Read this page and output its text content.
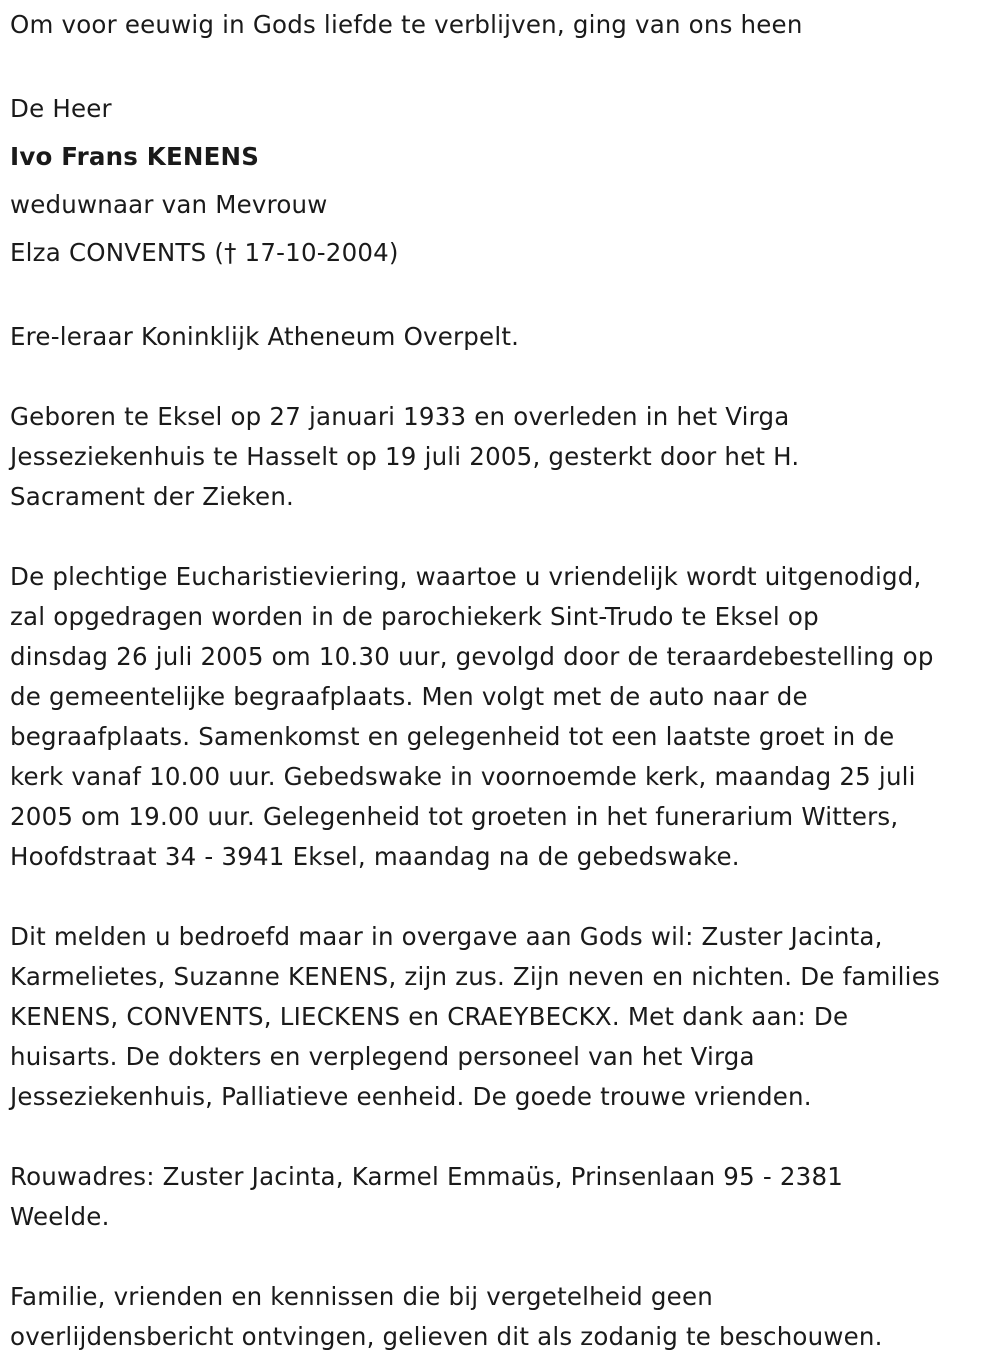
Om voor eeuwig in Gods liefde te verblijven, ging van ons heen
De Heer
Ivo Frans KENENS
weduwnaar van Mevrouw
Elza CONVENTS († 17-10-2004)

Ere-leraar Koninklijk Atheneum Overpelt.

Geboren te Eksel op 27 januari 1933 en overleden in het Virga
Jesseziekenhuis te Hasselt op 19 juli 2005, gesterkt door het H.
Sacrament der Zieken.

De plechtige Eucharistieviering, waartoe u vriendelijk wordt uitgenodigd,
zal opgedragen worden in de parochiekerk Sint-Trudo te Eksel op
dinsdag 26 juli 2005 om 10.30 uur, gevolgd door de teraardebestelling op
de gemeentelijke begraafplaats. Men volgt met de auto naar de
begraafplaats. Samenkomst en gelegenheid tot een laatste groet in de
kerk vanaf 10.00 uur. Gebedswake in voornoemde kerk, maandag 25 juli
2005 om 19.00 uur. Gelegenheid tot groeten in het funerarium Witters,
Hoofdstraat 34 - 3941 Eksel, maandag na de gebedswake.

Dit melden u bedroefd maar in overgave aan Gods wil: Zuster Jacinta,
Karmelietes, Suzanne KENENS, zijn zus. Zijn neven en nichten. De families
KENENS, CONVENTS, LIECKENS en CRAEYBECKX. Met dank aan: De
huisarts. De dokters en verplegend personeel van het Virga
Jesseziekenhuis, Palliatieve eenheid. De goede trouwe vrienden.

Rouwadres: Zuster Jacinta, Karmel Emmaüs, Prinsenlaan 95 - 2381
Weelde.

Familie, vrienden en kennissen die bij vergetelheid geen
overlijdensbericht ontvingen, gelieven dit als zodanig te beschouwen.
